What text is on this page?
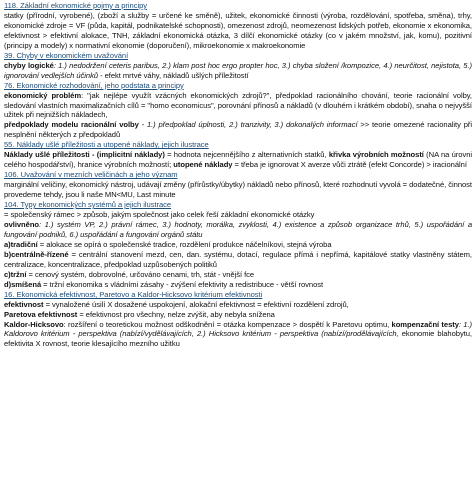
118. Základní ekonomické pojmy a principy

statky (přírodní, vyrobené), (zboží a služby = určené ke směně), užitek, ekonomické činnosti (výroba, rozdělování, spotřeba, směna), trhy, ekonomické zdroje = VF (půda, kapitál, podnikatelské schopnosti), omezenost zdrojů, neomezenost lidských potřeb, ekonomie x ekonomika, efektivnost > efektivní alokace, TNH, základní ekonomická otázka, 3 dílčí ekonomické otázky (co v jakém množství, jak, komu), pozitivní (principy a modely) x normativní ekonomie (doporučení), mikroekonomie x makroekonomie

39. Chyby v ekonomickém uvažování

chyby logické: 1.) nedodržení ceteris paribus, 2.) klam post hoc ergo propter hoc, 3.) chyba složení /kompozice, 4.) neurčitost, nejistota, 5.) ignorování vedlejších účinků - efekt mrtvé váhy, nákladů ušlých příležitostí

76. Ekonomické rozhodování, jeho podstata a principy

ekonomický problém: "jak nejlépe využít vzácných ekonomických zdrojů?", předpoklad racionálního chování, teorie racionální volby, sledování vlastních maximalizačních cílů = "homo economicus", porovnání přínosů a nákladů (v dlouhém i krátkém období), snaha o nejvyšší užitek při nejnižších nákladech,

předpoklady modelu racionální volby - 1.) předpoklad úplnosti, 2.) tranzivity, 3.) dokonalých informací >> teorie omezené racionality při nesplnění některých z předpokladů

55. Náklady ušlé příležitosti a utopené náklady, jejich ilustrace

Náklady ušlé příležitosti - (implicitní náklady) = hodnota nejcennějšího z alternativních statků, křivka výrobních možností (NA na úrovni celého hospodářství), hranice výrobních možností; utopené náklady = třeba je ignorovat X averze vůči ztrátě (efekt Concorde) > iracionální

106. Uvažování v mezních veličinách a jeho význam

marginální veličiny, ekonomický nástroj, udávají změny (přírůstky/úbytky) nákladů nebo přínosů, které rozhodnutí vyvolá = dodatečné, činnost provedeme tehdy, jsou li naše MN<MU, Last minute

104. Typy ekonomických systémů a jejich ilustrace

= společenský rámec > způsob, jakým společnost jako celek řeší základní ekonomické otázky

ovlivněno: 1.) systém VP, 2.) právní rámec, 3.) hodnoty, morálka, zvyklosti, 4.) existence a způsob organizace trhů, 5.) uspořádání a fungování podniků, 6.) uspořádání a fungování orgánů státu

a)tradiční = alokace se opírá o společenské tradice, rozdělení produkce náčelníkovi, stejná výroba

b)centrálně-řízené = centrální stanovení mezd, cen, dan. systému, dotací, regulace přímá i nepřímá, kapitálové statky vlastněny státem, centralizace, koncentralizace, předpoklad uzpůsobených politiků

c)tržní = cenový systém, dobrovolné, určováno cenami, trh, stát - vnější fce

d)smíšená = tržní ekonomika s vládními zásahy - zvýšení efektivity a redistribuce - větší rovnost

16. Ekonomická efektivnost, Paretovo a Kaldor-Hicksovo kritérium efektivnosti

efektivnost = vynaložené úsilí X dosažené uspokojení, alokační efektivnost = efektivní rozdělení zdrojů,

Paretova efektivnost = efektivnost pro všechny, nelze zvýšit, aby nebyla snížena

Kaldor-Hicksovo: rozšíření o teoretickou možnost odškodnění = otázka kompenzace > dospětí k Paretovu optimu, kompenzační testy: 1.) Kaldorovo kritérium - perspektiva (nabízí/vydělávajících, 2.) Hicksovo kritérium - perspektiva (nabízí/prodělávajících, ekonomie blahobytu, efektivita X rovnost, teorie klesajícího mezního užitku
